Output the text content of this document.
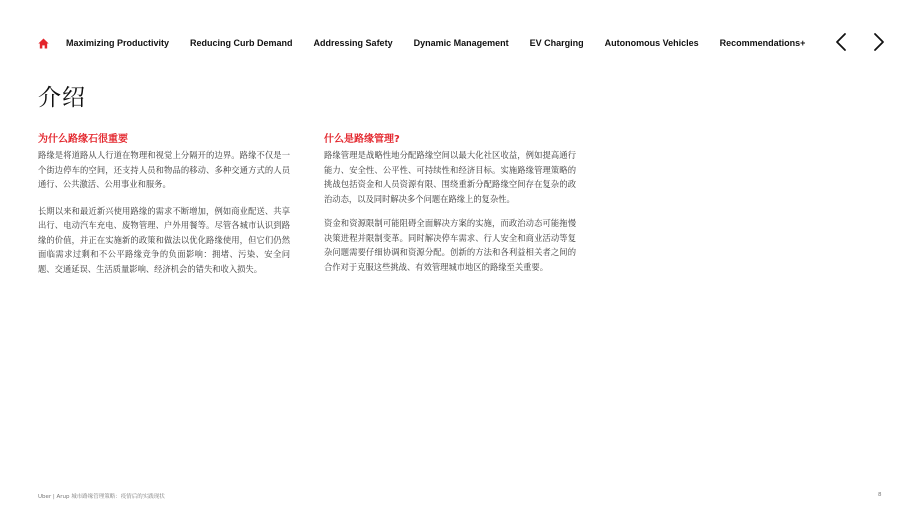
Maximizing Productivity Reducing Curb Demand Addressing Safety Dynamic Management EV Charging Autonomous Vehicles Recommendations+
介绍
为什么路缘石很重要

路缘是将道路从人行道在物理和视觉上分隔开的边界。路缘不仅是一个街边停车的空间，还支持人员和物品的移动、多种交通方式的人员通行、公共激活、公用事业和服务。

长期以来和最近新兴使用路缘的需求不断增加，例如商业配送、共享出行、电动汽车充电、废物管理、户外用餐等。尽管各城市认识到路缘的价值，并正在实施新的政策和做法以优化路缘使用，但它们仍然面临需求过剩和不公平路缘竞争的负面影响：拥堵、污染、安全问题、交通延误、生活质量影响、经济机会的错失和收入损失。

什么是路缘管理?

路缘管理是战略性地分配路缘空间以最大化社区收益，例如提高通行能力、安全性、公平性、可持续性和经济目标。实施路缘管理策略的挑战包括资金和人员资源有限、围绕重新分配路缘空间存在复杂的政治动态，以及同时解决多个问题在路缘上的复杂性。

资金和资源限制可能阻碍全面解决方案的实施，而政治动态可能拖慢决策进程并限制变革。同时解决停车需求、行人安全和商业活动等复杂问题需要仔细协调和资源分配。创新的方法和各利益相关者之间的合作对于克服这些挑战、有效管理城市地区的路缘至关重要。

Uber | Arup 城市路缘管理策略：疫情后的实践现状	8
